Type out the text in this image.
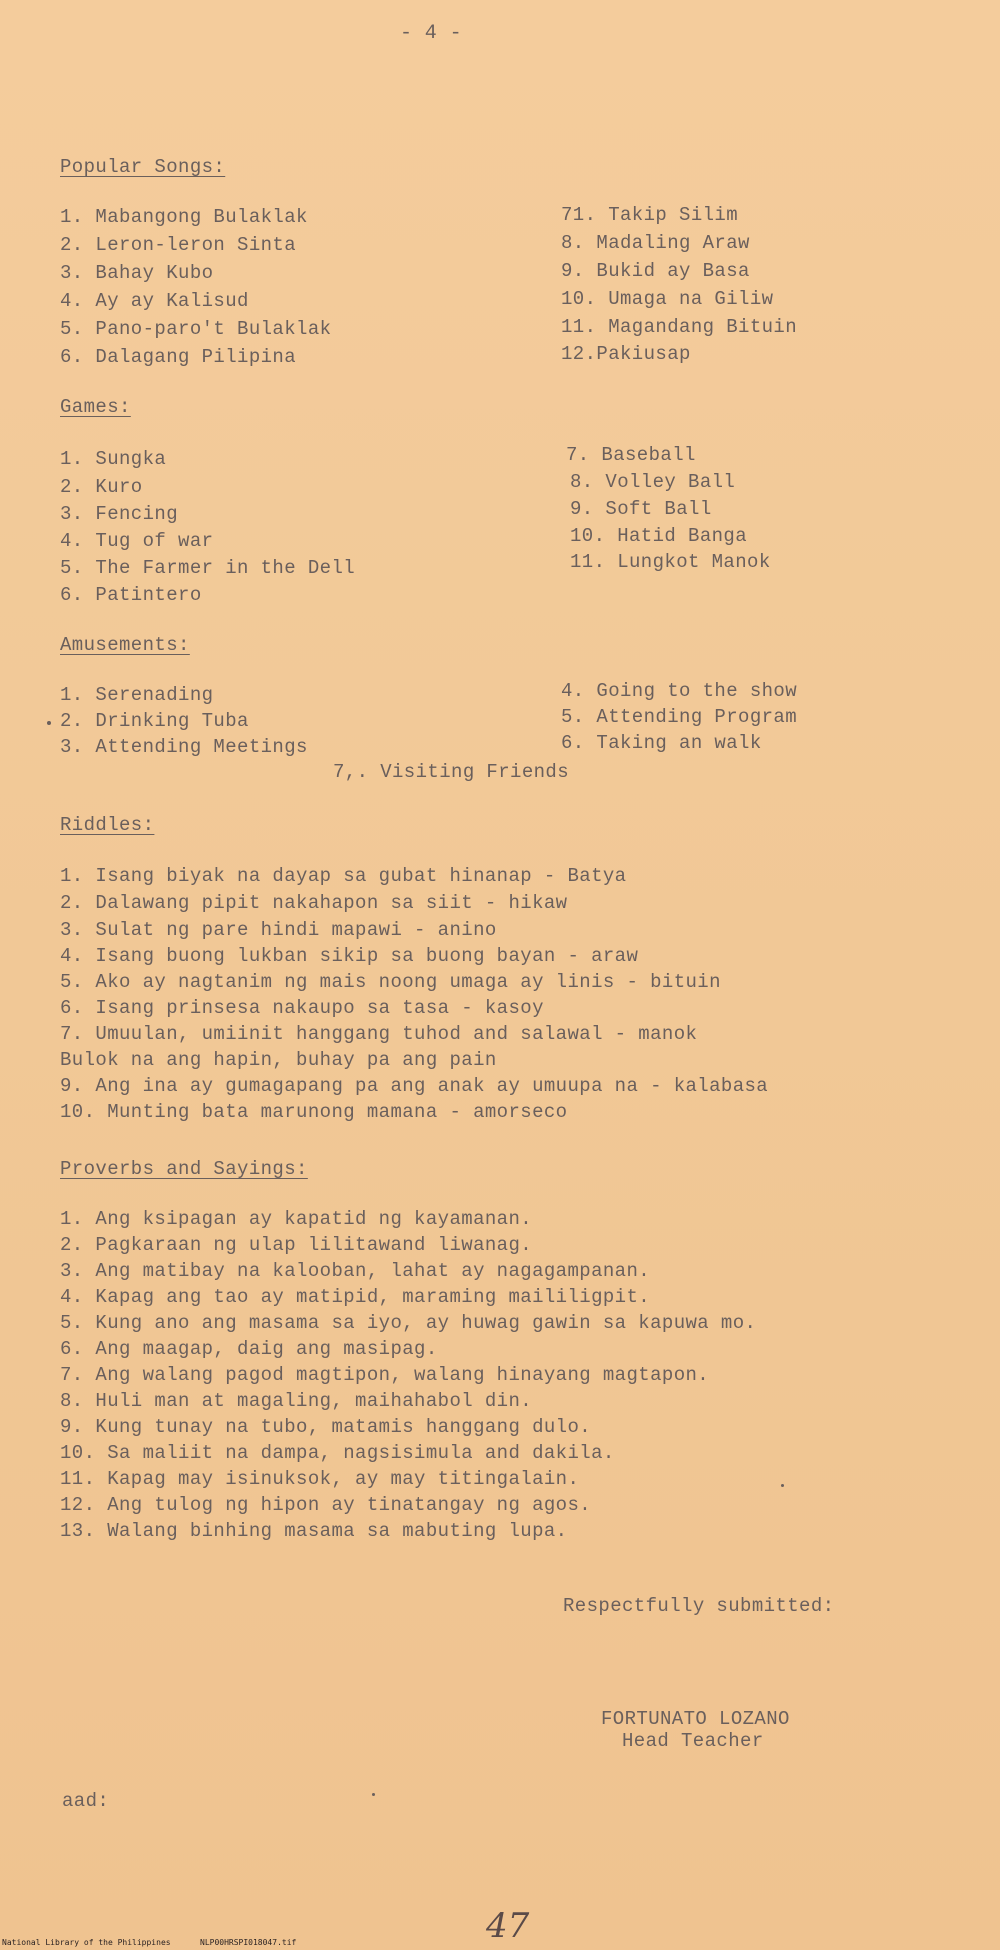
- 4 -
Popular Songs:
1. Mabangong Bulaklak
2. Leron-leron Sinta
3. Bahay Kubo
4. Ay ay Kalisud
5. Pano-paro't Bulaklak
6. Dalagang Pilipina
71. Takip Silim
8. Madaling Araw
9. Bukid ay Basa
10. Umaga na Giliw
11. Magandang Bituin
12.Pakiusap
Games:
1. Sungka
2. Kuro
3. Fencing
4. Tug of war
5. The Farmer in the Dell
6. Patintero
7. Baseball
8. Volley Ball
9. Soft Ball
10. Hatid Banga
11. Lungkot Manok
Amusements:
1. Serenading
2. Drinking Tuba
3. Attending Meetings
4. Going to the show
5. Attending Program
6. Taking an walk
7,. Visiting Friends
Riddles:
1. Isang biyak na dayap sa gubat hinanap - Batya
2. Dalawang pipit nakahapon sa siit - hikaw
3. Sulat ng pare hindi mapawi - anino
4. Isang buong lukban sikip sa buong bayan - araw
5. Ako ay nagtanim ng mais noong umaga ay linis - bituin
6. Isang prinsesa nakaupo sa tasa - kasoy
7. Umuulan, umiinit hanggang tuhod and salawal - manok
Bulok na ang hapin, buhay pa ang pain
9. Ang ina ay gumagapang pa ang anak ay umuupa na - kalabasa
10. Munting bata marunong mamana - amorseco
Proverbs and Sayings:
1. Ang ksipagan ay kapatid ng kayamanan.
2. Pagkaraan ng ulap lilitawand liwanag.
3. Ang matibay na kalooban, lahat ay nagagampanan.
4. Kapag ang tao ay matipid, maraming maililigpit.
5. Kung ano ang masama sa iyo, ay huwag gawin sa kapuwa mo.
6. Ang maagap, daig ang masipag.
7. Ang walang pagod magtipon, walang hinayang magtapon.
8. Huli man at magaling, maihahabol din.
9. Kung tunay na tubo, matamis hanggang dulo.
10. Sa maliit na dampa, nagsisimula and dakila.
11. Kapag may isinuksok, ay may titingalain.
12. Ang tulog ng hipon ay tinatangay ng agos.
13. Walang binhing masama sa mabuting lupa.
Respectfully submitted:
FORTUNATO LOZANO
Head Teacher
aad:
47
National Library of the Philippines	NLP00HRSPI018047.tif
